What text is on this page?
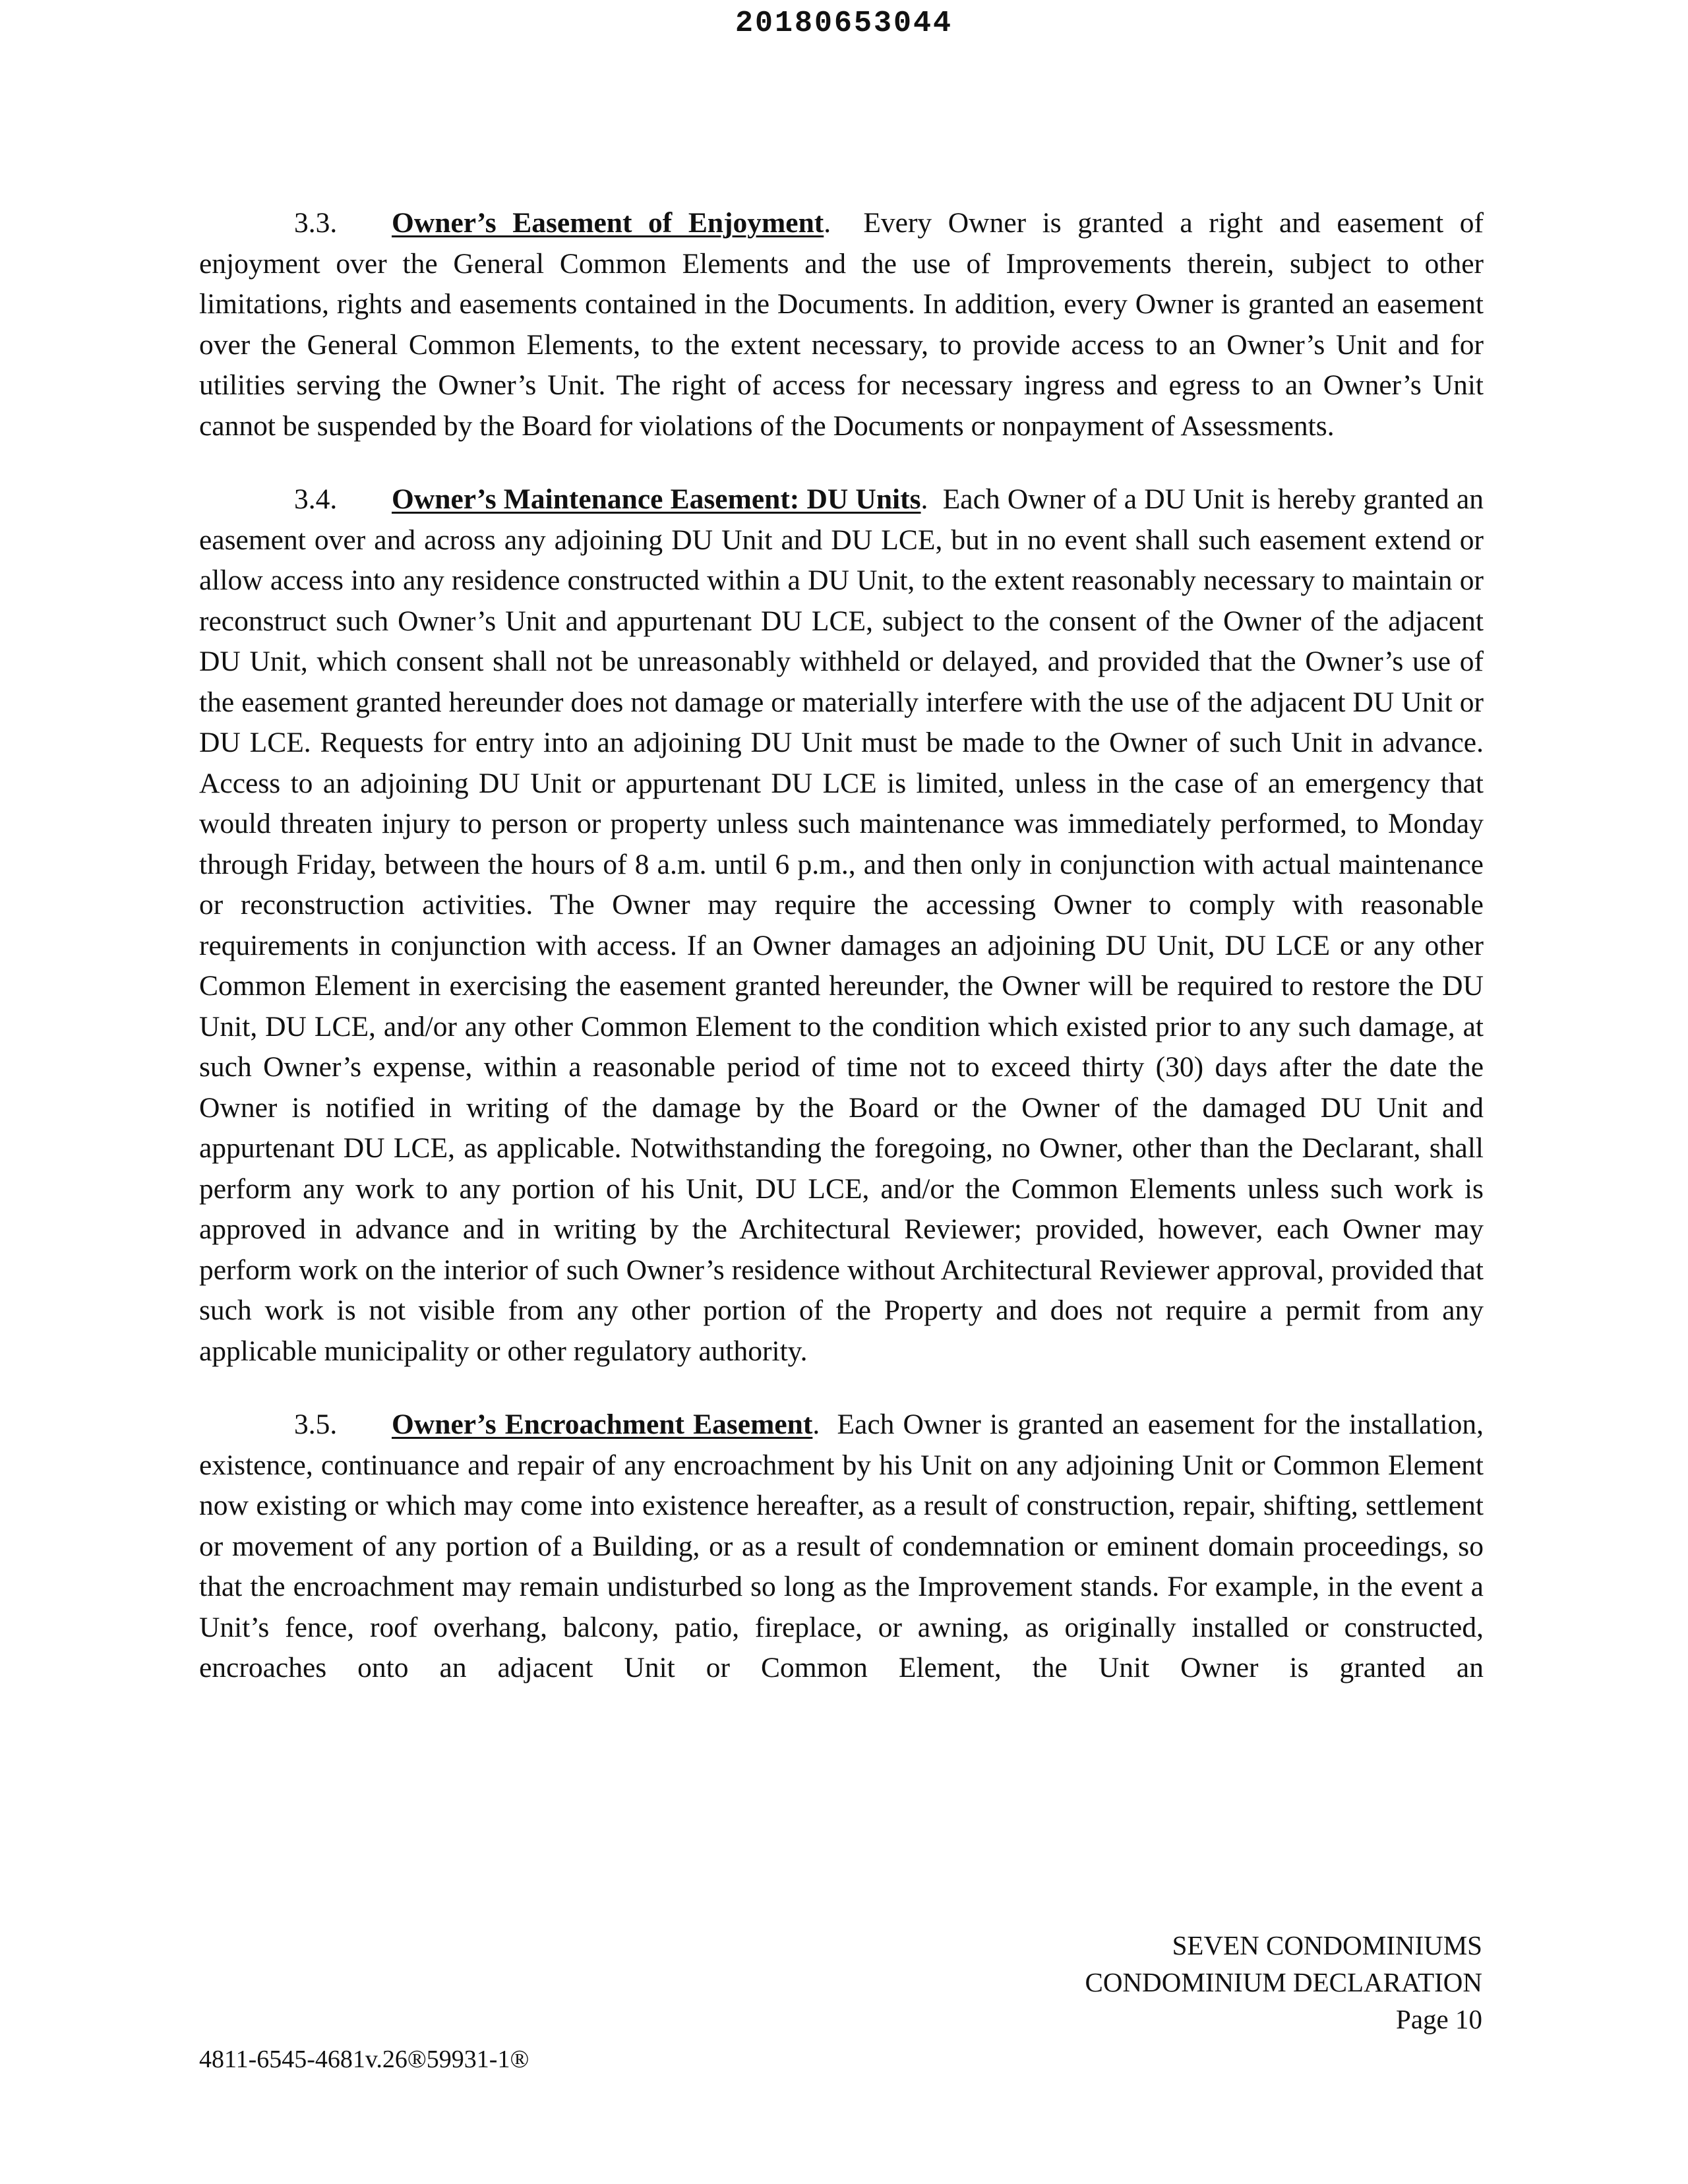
20180653044

3.3. Owner’s Easement of Enjoyment. Every Owner is granted a right and easement of enjoyment over the General Common Elements and the use of Improvements therein, subject to other limitations, rights and easements contained in the Documents. In addition, every Owner is granted an easement over the General Common Elements, to the extent necessary, to provide access to an Owner’s Unit and for utilities serving the Owner’s Unit. The right of access for necessary ingress and egress to an Owner’s Unit cannot be suspended by the Board for violations of the Documents or nonpayment of Assessments.

3.4. Owner’s Maintenance Easement: DU Units. Each Owner of a DU Unit is hereby granted an easement over and across any adjoining DU Unit and DU LCE, but in no event shall such easement extend or allow access into any residence constructed within a DU Unit, to the extent reasonably necessary to maintain or reconstruct such Owner’s Unit and appurtenant DU LCE, subject to the consent of the Owner of the adjacent DU Unit, which consent shall not be unreasonably withheld or delayed, and provided that the Owner’s use of the easement granted hereunder does not damage or materially interfere with the use of the adjacent DU Unit or DU LCE. Requests for entry into an adjoining DU Unit must be made to the Owner of such Unit in advance. Access to an adjoining DU Unit or appurtenant DU LCE is limited, unless in the case of an emergency that would threaten injury to person or property unless such maintenance was immediately performed, to Monday through Friday, between the hours of 8 a.m. until 6 p.m., and then only in conjunction with actual maintenance or reconstruction activities. The Owner may require the accessing Owner to comply with reasonable requirements in conjunction with access. If an Owner damages an adjoining DU Unit, DU LCE or any other Common Element in exercising the easement granted hereunder, the Owner will be required to restore the DU Unit, DU LCE, and/or any other Common Element to the condition which existed prior to any such damage, at such Owner’s expense, within a reasonable period of time not to exceed thirty (30) days after the date the Owner is notified in writing of the damage by the Board or the Owner of the damaged DU Unit and appurtenant DU LCE, as applicable. Notwithstanding the foregoing, no Owner, other than the Declarant, shall perform any work to any portion of his Unit, DU LCE, and/or the Common Elements unless such work is approved in advance and in writing by the Architectural Reviewer; provided, however, each Owner may perform work on the interior of such Owner’s residence without Architectural Reviewer approval, provided that such work is not visible from any other portion of the Property and does not require a permit from any applicable municipality or other regulatory authority.

3.5. Owner’s Encroachment Easement. Each Owner is granted an easement for the installation, existence, continuance and repair of any encroachment by his Unit on any adjoining Unit or Common Element now existing or which may come into existence hereafter, as a result of construction, repair, shifting, settlement or movement of any portion of a Building, or as a result of condemnation or eminent domain proceedings, so that the encroachment may remain undisturbed so long as the Improvement stands. For example, in the event a Unit’s fence, roof overhang, balcony, patio, fireplace, or awning, as originally installed or constructed, encroaches onto an adjacent Unit or Common Element, the Unit Owner is granted an

SEVEN CONDOMINIUMS
CONDOMINIUM DECLARATION
Page 10
4811-6545-4681v.26®59931-1®
